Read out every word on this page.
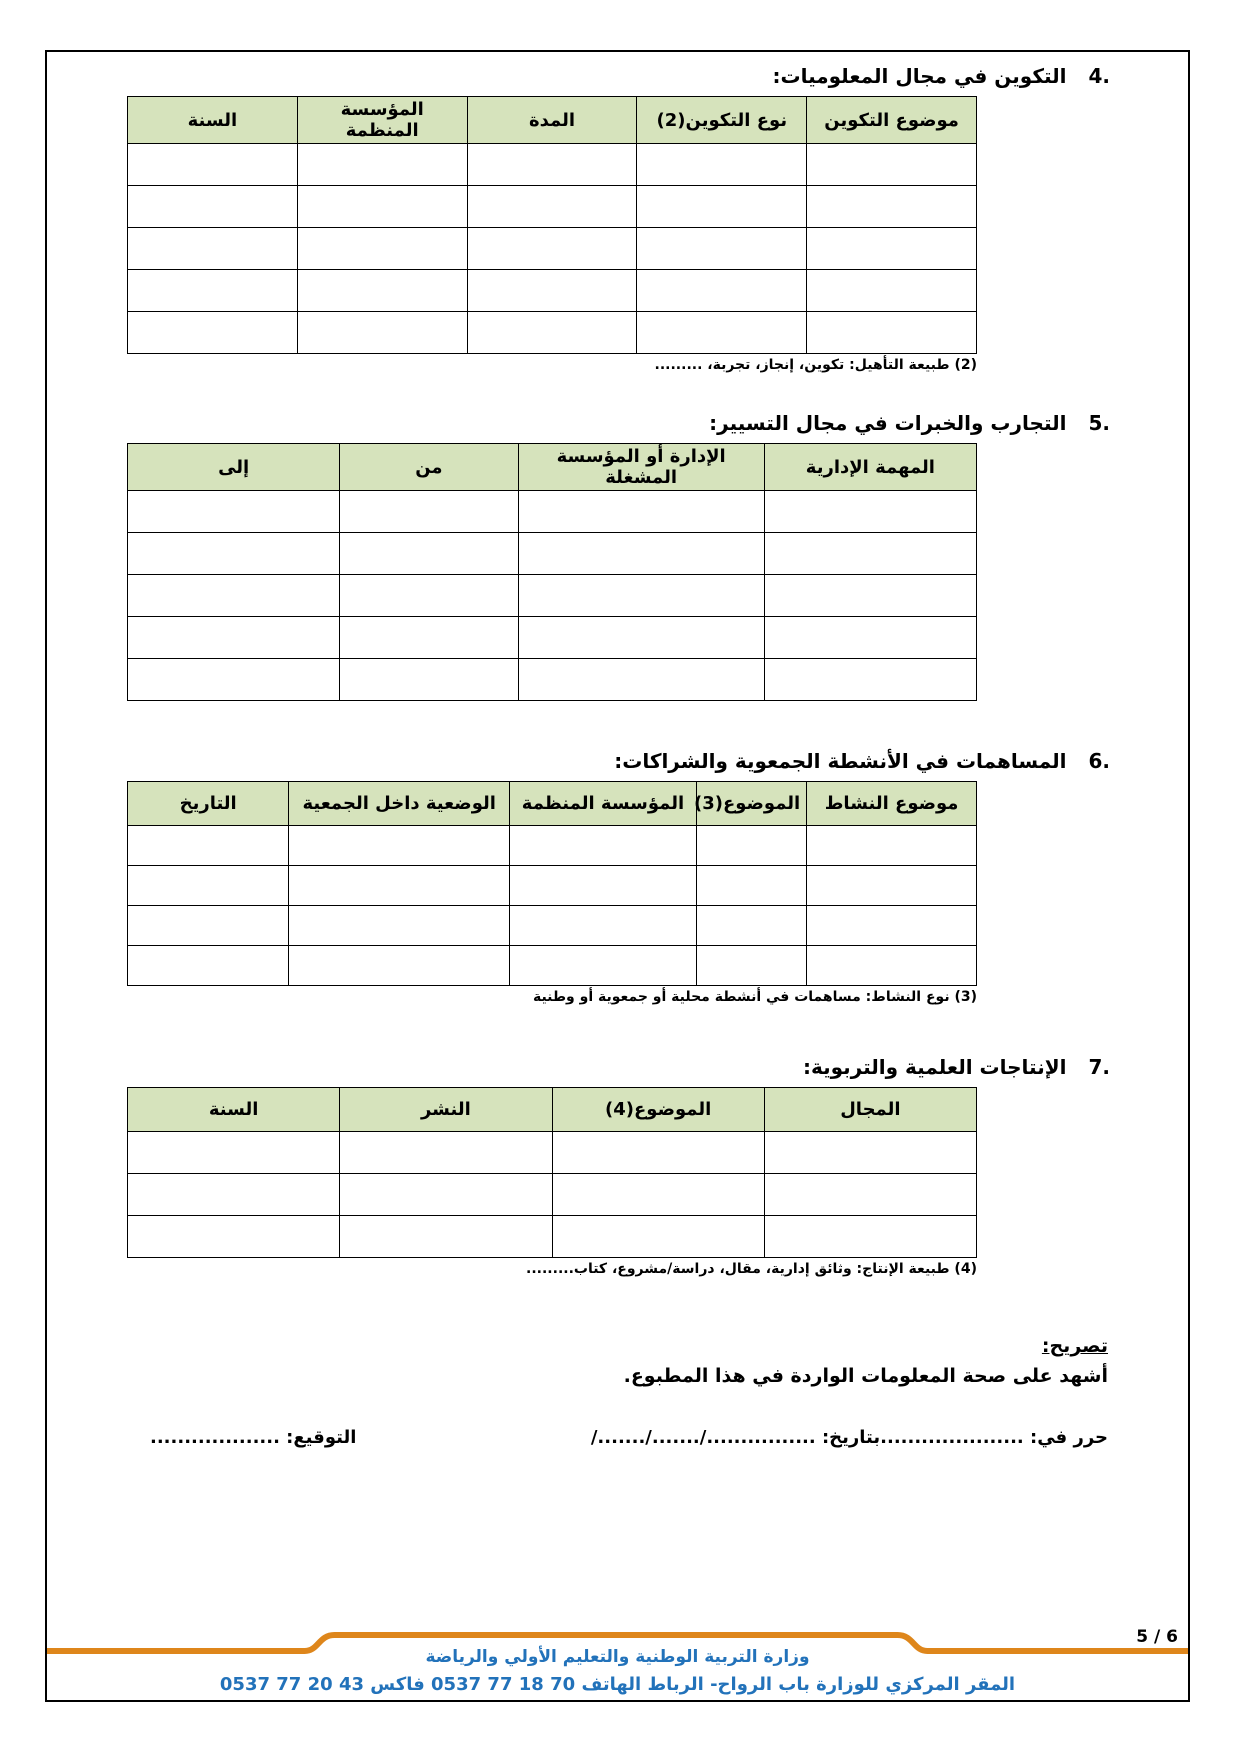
4.
التكوين في مجال المعلوميات:
موضوع التكوين	نوع التكوين(2)	المدة	المؤسسة المنظمة	السنة

(2) طبيعة التأهيل: تكوين، إنجاز، تجربة، .........
5.
التجارب والخبرات في مجال التسيير:
المهمة الإدارية	الإدارة أو المؤسسة المشغلة	من	إلى

6.
المساهمات في الأنشطة الجمعوية والشراكات:
موضوع النشاط	الموضوع(3)	المؤسسة المنظمة	الوضعية داخل الجمعية	التاريخ

(3) نوع النشاط: مساهمات في أنشطة محلية أو جمعوية أو وطنية
7.
الإنتاجات العلمية والتربوية:
المجال	الموضوع(4)	النشر	السنة

(4) طبيعة الإنتاج: وثائق إدارية، مقال، دراسة/مشروع، كتاب.........
تصريح:
أشهد على صحة المعلومات الواردة في هذا المطبوع.
حرر في: .....................بتاريخ: ................/......./......./
التوقيع: ...................
5 / 6
وزارة التربية الوطنية والتعليم الأولي والرياضة
المقر المركزي للوزارة باب الرواح- الرباط الهاتف 70 18 77 0537 فاكس 43 20 77 0537
